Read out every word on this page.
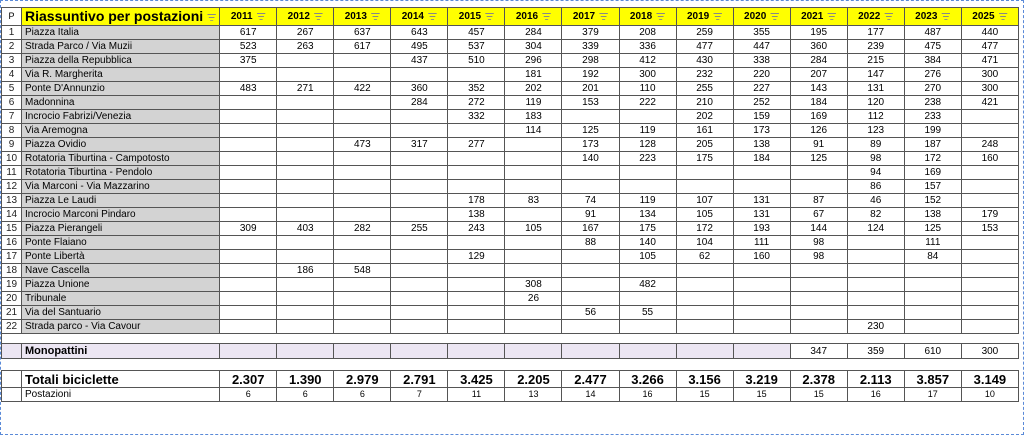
P	Riassuntivo per postazioni	2011	2012	2013	2014	2015	2016	2017	2018	2019	2020	2021	2022	2023	2025
1	Piazza Italia	617	267	637	643	457	284	379	208	259	355	195	177	487	440
2	Strada Parco / Via Muzii	523	263	617	495	537	304	339	336	477	447	360	239	475	477
3	Piazza della Repubblica	375			437	510	296	298	412	430	338	284	215	384	471
4	Via R. Margherita						181	192	300	232	220	207	147	276	300
5	Ponte D'Annunzio	483	271	422	360	352	202	201	110	255	227	143	131	270	300
6	Madonnina				284	272	119	153	222	210	252	184	120	238	421
7	Incrocio Fabrizi/Venezia					332	183			202	159	169	112	233	
8	Via Aremogna						114	125	119	161	173	126	123	199	
9	Piazza Ovidio			473	317	277		173	128	205	138	91	89	187	248
10	Rotatoria Tiburtina - Campotosto							140	223	175	184	125	98	172	160
11	Rotatoria Tiburtina - Pendolo												94	169	
12	Via Marconi - Via Mazzarino												86	157	
13	Piazza Le Laudi					178	83	74	119	107	131	87	46	152	
14	Incrocio Marconi Pindaro					138		91	134	105	131	67	82	138	179
15	Piazza Pierangeli	309	403	282	255	243	105	167	175	172	193	144	124	125	153
16	Ponte Flaiano							88	140	104	111	98		111	
17	Ponte Libertà					129			105	62	160	98		84	
18	Nave Cascella		186	548											
19	Piazza Unione						308		482						
20	Tribunale						26								
21	Via del Santuario							56	55						
22	Strada parco - Via Cavour												230		

	Monopattini											347	359	610	300

	Totali biciclette	2.307	1.390	2.979	2.791	3.425	2.205	2.477	3.266	3.156	3.219	2.378	2.113	3.857	3.149
	Postazioni	6	6	6	7	11	13	14	16	15	15	15	16	17	10
